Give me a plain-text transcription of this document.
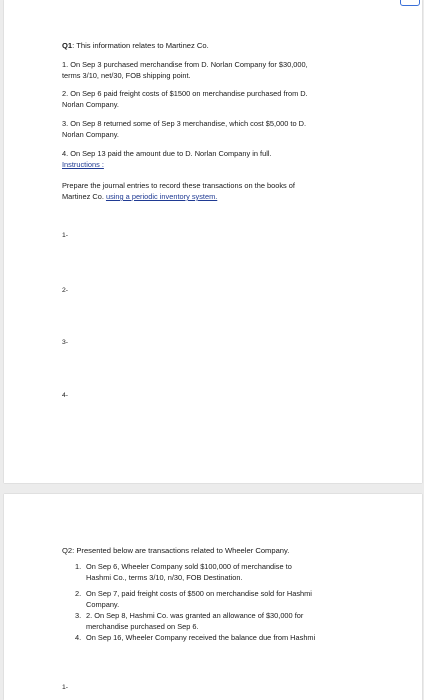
Q1: This information relates to Martinez Co.
1. On Sep 3 purchased merchandise from D. Norlan Company for $30,000,
terms 3/10, net/30, FOB shipping point.
2. On Sep 6 paid freight costs of $1500 on merchandise purchased from D.
Norlan Company.
3. On Sep 8 returned some of Sep 3 merchandise, which cost $5,000 to D.
Norlan Company.
4. On Sep 13 paid the amount due to D. Norlan Company in full.
Instructions :
Prepare the journal entries to record these transactions on the books of
Martinez Co. using a periodic inventory system.
1-
2-
3-
4-
Q2: Presented below are transactions related to Wheeler Company.
1. On Sep 6, Wheeler Company sold $100,000 of merchandise to
Hashmi Co., terms 3/10, n/30, FOB Destination.
2. On Sep 7, paid freight costs of $500 on merchandise sold for Hashmi
Company.
3. 2. On Sep 8, Hashmi Co. was granted an allowance of $30,000 for
merchandise purchased on Sep 6.
4. On Sep 16, Wheeler Company received the balance due from Hashmi
1-
